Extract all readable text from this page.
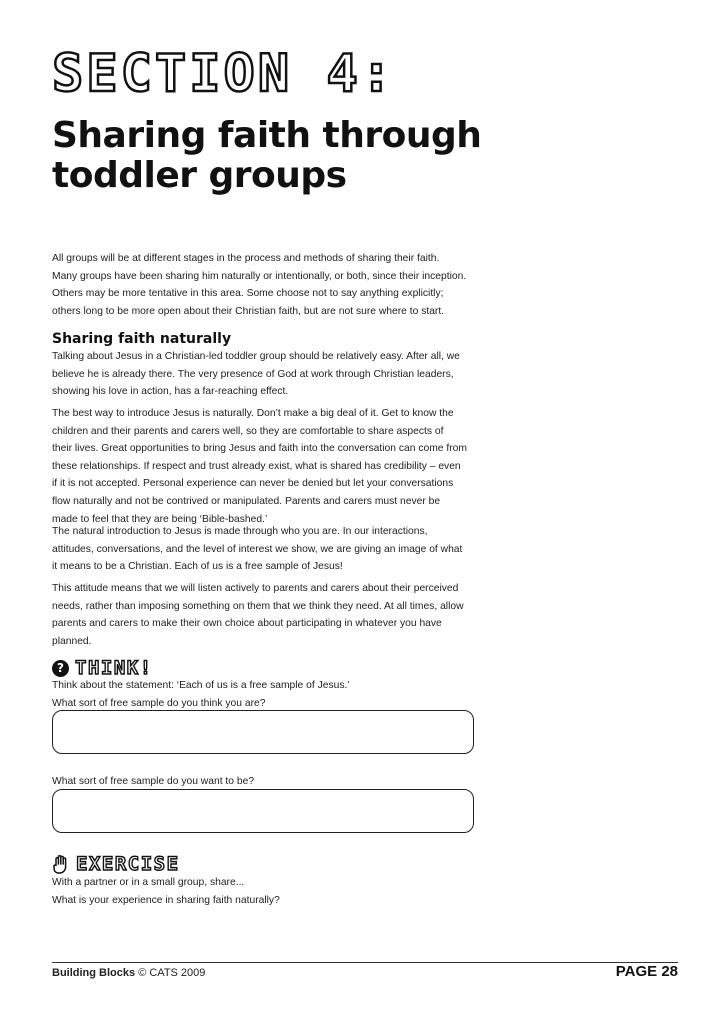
SECTION 4:
Sharing faith through
toddler groups

All groups will be at different stages in the process and methods of sharing their faith.
Many groups have been sharing him naturally or intentionally, or both, since their inception.
Others may be more tentative in this area. Some choose not to say anything explicitly;
others long to be more open about their Christian faith, but are not sure where to start.

Sharing faith naturally

Talking about Jesus in a Christian-led toddler group should be relatively easy. After all, we
believe he is already there. The very presence of God at work through Christian leaders,
showing his love in action, has a far-reaching effect.

The best way to introduce Jesus is naturally. Don’t make a big deal of it. Get to know the
children and their parents and carers well, so they are comfortable to share aspects of
their lives. Great opportunities to bring Jesus and faith into the conversation can come from
these relationships. If respect and trust already exist, what is shared has credibility – even
if it is not accepted. Personal experience can never be denied but let your conversations
flow naturally and not be contrived or manipulated. Parents and carers must never be
made to feel that they are being ‘Bible-bashed.’

The natural introduction to Jesus is made through who you are. In our interactions,
attitudes, conversations, and the level of interest we show, we are giving an image of what
it means to be a Christian. Each of us is a free sample of Jesus!

This attitude means that we will listen actively to parents and carers about their perceived
needs, rather than imposing something on them that we think they need. At all times, allow
parents and carers to make their own choice about participating in whatever you have
planned.

? THINK!

Think about the statement: ‘Each of us is a free sample of Jesus.’
What sort of free sample do you think you are?

What sort of free sample do you want to be?

EXERCISE

With a partner or in a small group, share...
What is your experience in sharing faith naturally?

Building Blocks © CATS 2009	PAGE 28
